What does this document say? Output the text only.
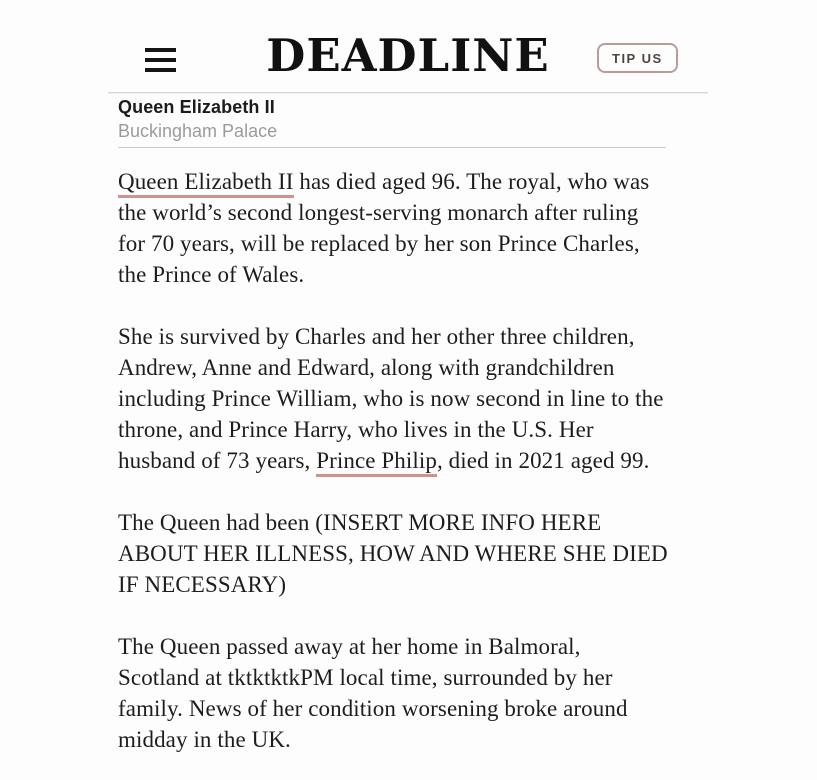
DEADLINE	TIP US
Queen Elizabeth II
Buckingham Palace

Queen Elizabeth II has died aged 96. The royal, who was
the world’s second longest-serving monarch after ruling
for 70 years, will be replaced by her son Prince Charles,
the Prince of Wales.

She is survived by Charles and her other three children,
Andrew, Anne and Edward, along with grandchildren
including Prince William, who is now second in line to the
throne, and Prince Harry, who lives in the U.S. Her
husband of 73 years, Prince Philip, died in 2021 aged 99.

The Queen had been (INSERT MORE INFO HERE
ABOUT HER ILLNESS, HOW AND WHERE SHE DIED
IF NECESSARY)

The Queen passed away at her home in Balmoral,
Scotland at tktktktkPM local time, surrounded by her
family. News of her condition worsening broke around
midday in the UK.
